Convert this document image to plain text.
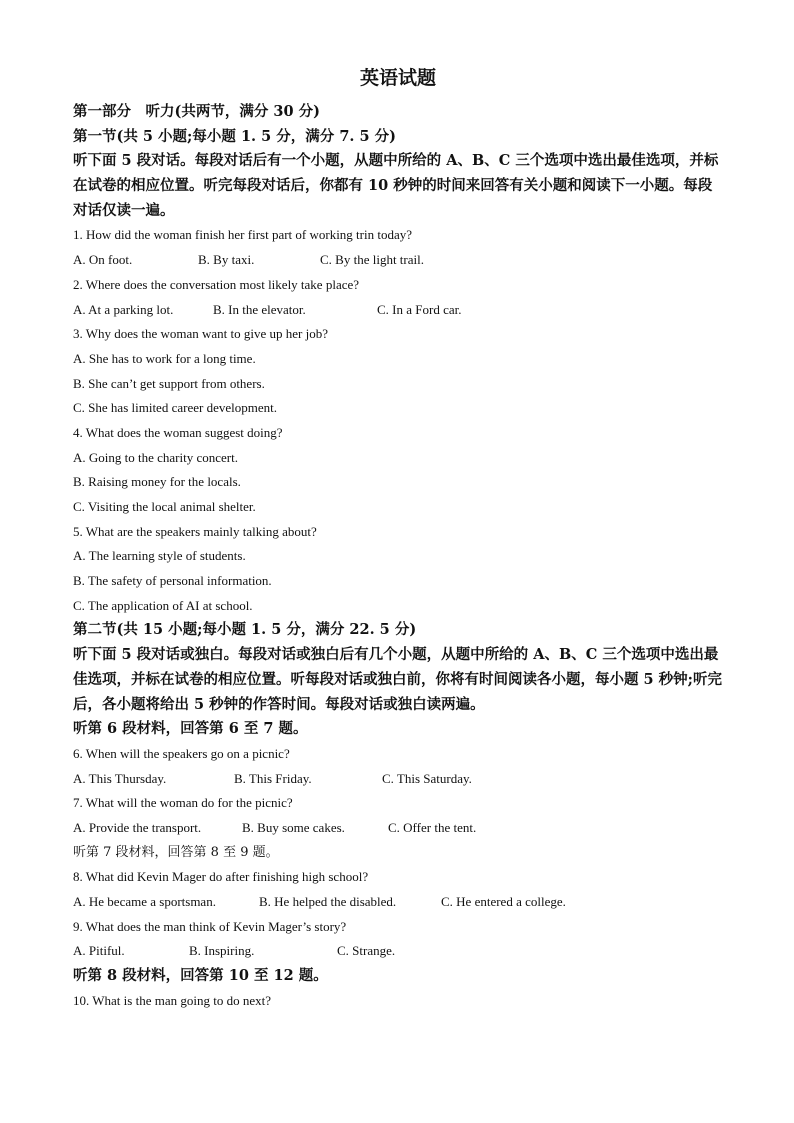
英语试题
第一部分　听力(共两节，满分 30 分)
第一节(共 5 小题;每小题 1. 5 分，满分 7. 5 分)
听下面 5 段对话。每段对话后有一个小题，从题中所给的 A、B、C 三个选项中选出最佳选项，并标在试卷的相应位置。听完每段对话后，你都有 10 秒钟的时间来回答有关小题和阅读下一小题。每段对话仅读一遍。
1. How did the woman finish her first part of working trin today?
A. On foot.	B. By taxi.	C. By the light trail.
2. Where does the conversation most likely take place?
A. At a parking lot.	B. In the elevator.	C. In a Ford car.
3. Why does the woman want to give up her job?
A. She has to work for a long time.
B. She can’t get support from others.
C. She has limited career development.
4. What does the woman suggest doing?
A. Going to the charity concert.
B. Raising money for the locals.
C. Visiting the local animal shelter.
5. What are the speakers mainly talking about?
A. The learning style of students.
B. The safety of personal information.
C. The application of AI at school.
第二节(共 15 小题;每小题 1. 5 分，满分 22. 5 分)
听下面 5 段对话或独白。每段对话或独白后有几个小题，从题中所给的 A、B、C 三个选项中选出最佳选项，并标在试卷的相应位置。听每段对话或独白前，你将有时间阅读各小题，每小题 5 秒钟;听完后，各小题将给出 5 秒钟的作答时间。每段对话或独白读两遍。
听第 6 段材料，回答第 6 至 7 题。
6. When will the speakers go on a picnic?
A. This Thursday.	B. This Friday.	C. This Saturday.
7. What will the woman do for the picnic?
A. Provide the transport.	B. Buy some cakes.	C. Offer the tent.
听第 7 段材料，回答第 8 至 9 题。
8. What did Kevin Mager do after finishing high school?
A. He became a sportsman.	B. He helped the disabled.	C. He entered a college.
9. What does the man think of Kevin Mager’s story?
A. Pitiful.	B. Inspiring.	C. Strange.
听第 8 段材料，回答第 10 至 12 题。
10. What is the man going to do next?
